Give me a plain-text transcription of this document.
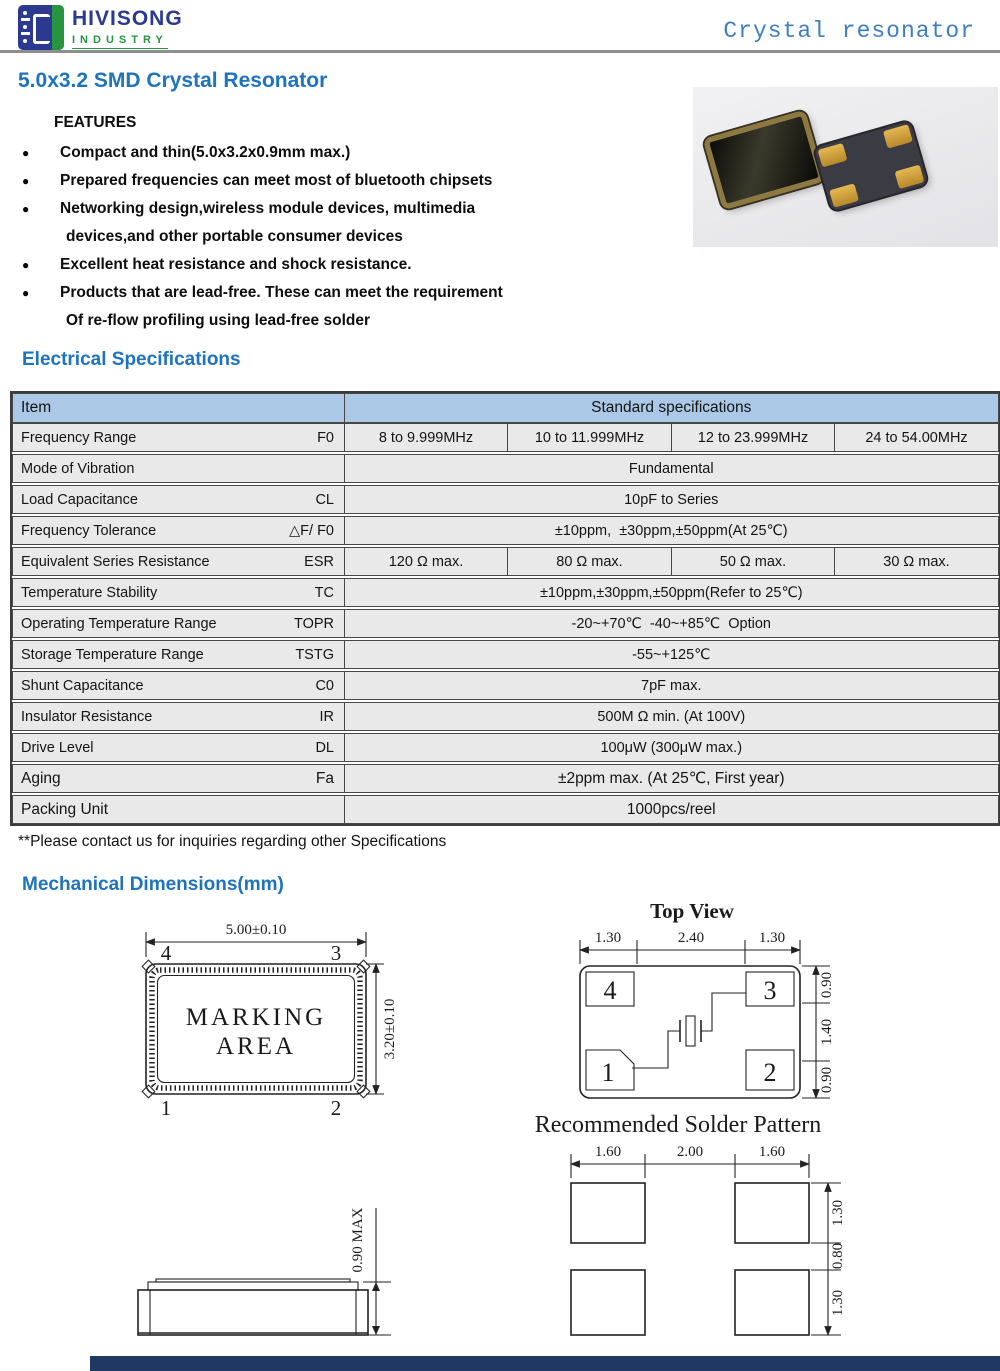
HIVISONG
INDUSTRY	Crystal resonator
5.0x3.2 SMD Crystal Resonator
FEATURES
●	Compact and thin(5.0x3.2x0.9mm max.)
●	Prepared frequencies can meet most of bluetooth chipsets
●	Networking design,wireless module devices, multimedia
devices,and other portable consumer devices
●	Excellent heat resistance and shock resistance.
●	Products that are lead-free. These can meet the requirement
Of re-flow profiling using lead-free solder
Electrical Specifications
Item	Standard specifications
Frequency Range	F0	8 to 9.999MHz	10 to 11.999MHz	12 to 23.999MHz	24 to 54.00MHz
Mode of Vibration	Fundamental
Load Capacitance	CL	10pF to Series
Frequency Tolerance	△F/ F0	±10ppm,  ±30ppm,±50ppm(At 25℃)
Equivalent Series Resistance	ESR	120 Ω max.	80 Ω max.	50 Ω max.	30 Ω max.
Temperature Stability	TC	±10ppm,±30ppm,±50ppm(Refer to 25℃)
Operating Temperature Range	TOPR	-20~+70℃  -40~+85℃  Option
Storage Temperature Range	TSTG	-55~+125℃
Shunt Capacitance	C0	7pF max.
Insulator Resistance	IR	500M Ω min. (At 100V)
Drive Level	DL	100μW (300μW max.)
Aging	Fa	±2ppm max. (At 25℃, First year)
Packing Unit	1000pcs/reel
**Please contact us for inquiries regarding other Specifications
Mechanical Dimensions(mm)
5.00±0.10
4	3
MARKING
AREA
1	2
3.20±0.10
Top View
1.30	2.40	1.30
4	3
1	2
0.90
1.40
0.90
Recommended Solder Pattern
1.60	2.00	1.60
1.30
0.80
1.30
0.90 MAX
